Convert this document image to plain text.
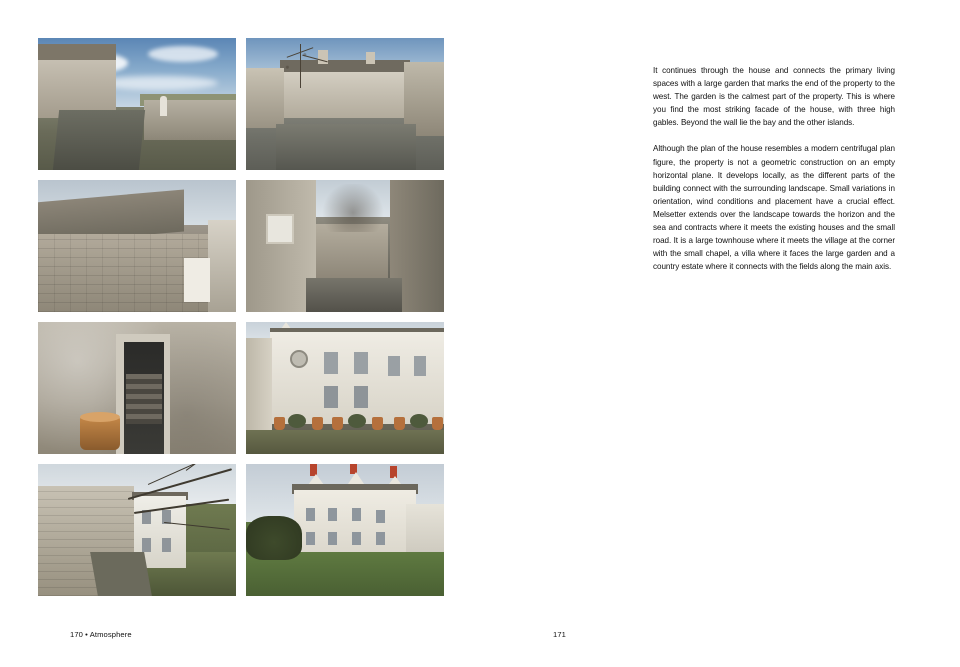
It continues through the house and connects the primary living spaces with a large garden that marks the end of the property to the west. The garden is the calmest part of the property. This is where you find the most striking facade of the house, with three high gables. Beyond the wall lie the bay and the other islands.

Although the plan of the house resembles a modern centrifugal plan figure, the property is not a geometric construction on an empty horizontal plane. It develops locally, as the different parts of the building connect with the surrounding landscape. Small variations in orientation, wind conditions and placement have a crucial effect. Melsetter extends over the landscape towards the horizon and the sea and contracts where it meets the existing houses and the small road. It is a large townhouse where it meets the village at the corner with the small chapel, a villa where it faces the large garden and a country estate where it connects with the fields along the main axis.

170 • Atmosphere	171
